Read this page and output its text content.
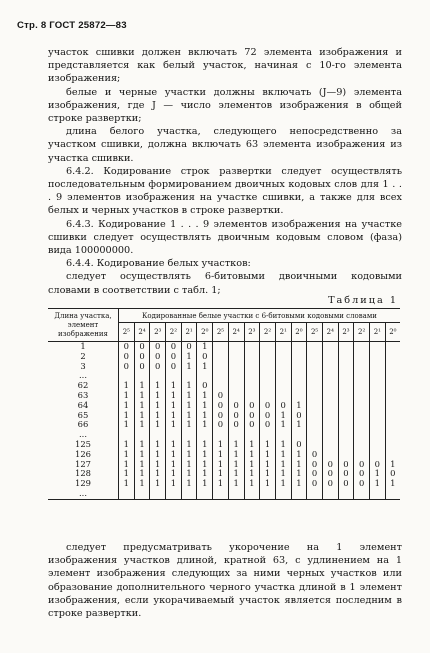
Стр. 8 ГОСТ 25872—83
участок сшивки должен включать 72 элемента изображения и представляется как белый участок, начиная с 10-го элемента изображения;
белые и черные участки должны включать (J—9) элемента изображения, где J — число элементов изображения в общей строке развертки;
длина белого участка, следующего непосредственно за участком сшивки, должна включать 63 элемента изображения из участка сшивки.
6.4.2. Кодирование строк развертки следует осуществлять последовательным формированием двоичных кодовых слов для 1 . . . 9 элементов изображения на участке сшивки, а также для всех белых и черных участков в строке развертки.
6.4.3. Кодирование 1 . . . 9 элементов изображения на участке сшивки следует осуществлять двоичным кодовым словом (фаза) вида 100000000.
6.4.4. Кодирование белых участков:
следует осуществлять 6-битовыми двоичными кодовыми словами в соответствии с табл. 1;
Таблица 1
Длина участка, элемент изображения	Кодированные белые участки с 6-битовыми кодовыми словами																	
	2⁵	2⁴	2³	2²	2¹	2⁰	2⁵	2⁴	2³	2²	2¹	2⁰	2⁵	2⁴	2³	2²	2¹	2⁰
1	0	0	0	0	0	1												
2	0	0	0	0	1	0												
3	0	0	0	0	1	1												
...																		
62	1	1	1	1	1	0												
63	1	1	1	1	1	1	0											
64	1	1	1	1	1	1	0	0	0	0	0	1						
65	1	1	1	1	1	1	0	0	0	0	1	0						
66	1	1	1	1	1	1	0	0	0	0	1	1						
...																		
125	1	1	1	1	1	1	1	1	1	1	1	0						
126	1	1	1	1	1	1	1	1	1	1	1	1	0					
127	1	1	1	1	1	1	1	1	1	1	1	1	0	0	0	0	0	1
128	1	1	1	1	1	1	1	1	1	1	1	1	0	0	0	0	1	0
129	1	1	1	1	1	1	1	1	1	1	1	1	0	0	0	0	1	1
...																		
следует предусматривать укорочение на 1 элемент изображения участков длиной, кратной 63, с удлинением на 1 элемент изображения следующих за ними черных участков или образование дополнительного черного участка длиной в 1 элемент изображения, если укорачиваемый участок является последним в строке развертки.
